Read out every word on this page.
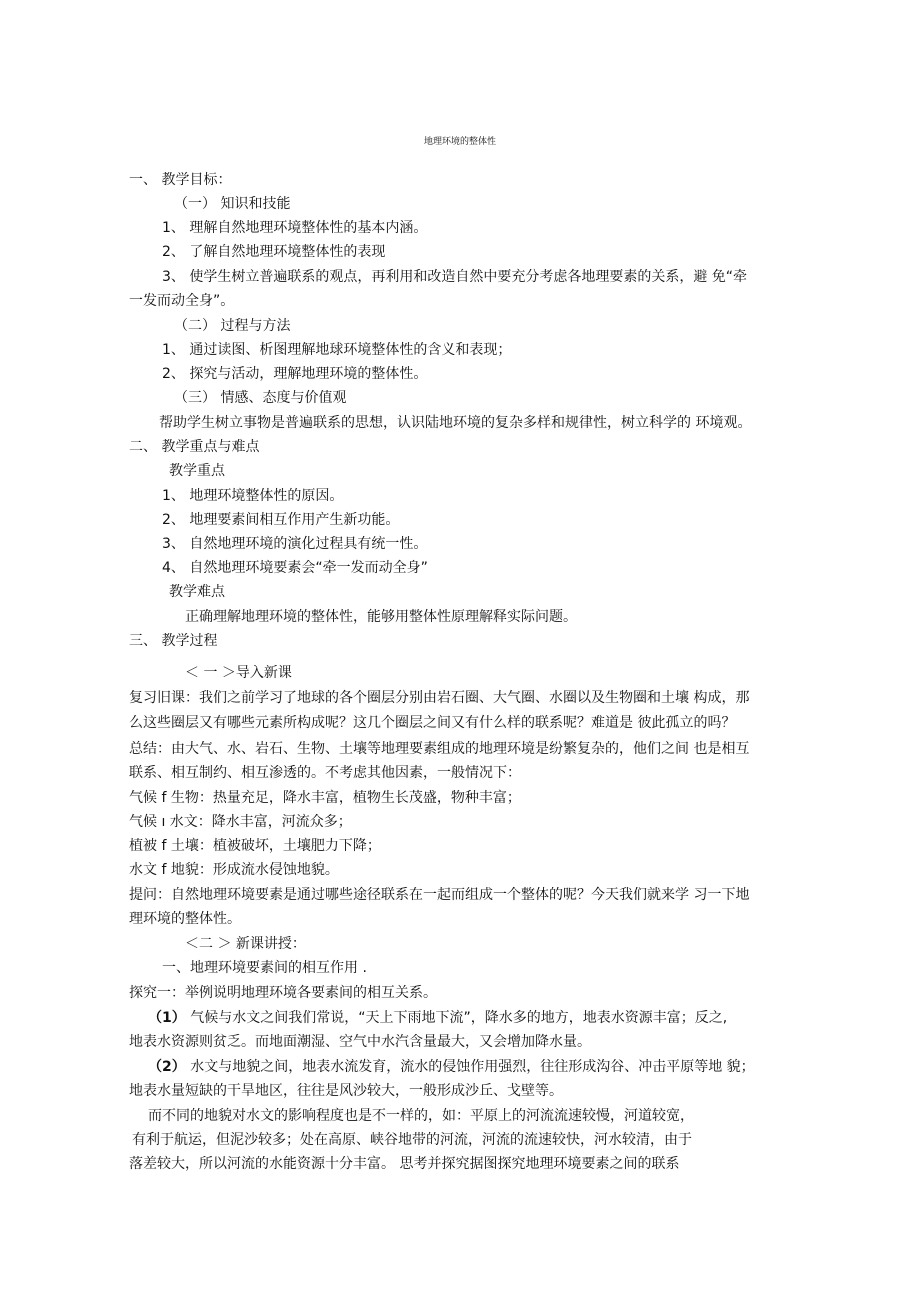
地理环境的整体性

一、 教学目标：

（一） 知识和技能

1、 理解自然地理环境整体性的基本内涵。

2、 了解自然地理环境整体性的表现

3、 使学生树立普遍联系的观点，再利用和改造自然中要充分考虑各地理要素的关系，避 免“牵

一发而动全身”。

（二） 过程与方法

1、 通过读图、析图理解地球环境整体性的含义和表现；

2、 探究与活动，理解地理环境的整体性。

（三） 情感、态度与价值观

帮助学生树立事物是普遍联系的思想，认识陆地环境的复杂多样和规律性，树立科学的 环境观。

二、 教学重点与难点

教学重点

1、 地理环境整体性的原因。

2、 地理要素间相互作用产生新功能。

3、 自然地理环境的演化过程具有统一性。

4、 自然地理环境要素会“牵一发而动全身”

教学难点

正确理解地理环境的整体性，能够用整体性原理解释实际问题。

三、 教学过程

＜ 一 ＞导入新课

复习旧课：我们之前学习了地球的各个圈层分别由岩石圈、大气圈、水圈以及生物圈和土壤 构成，那

么这些圈层又有哪些元素所构成呢？这几个圈层之间又有什么样的联系呢？难道是 彼此孤立的吗？

总结：由大气、水、岩石、生物、土壤等地理要素组成的地理环境是纷繁复杂的，他们之间 也是相互

联系、相互制约、相互渗透的。不考虑其他因素，一般情况下：

气候 f 生物：热量充足，降水丰富，植物生长茂盛，物种丰富；

气候 ı 水文：降水丰富，河流众多；

植被 f 土壤：植被破坏，土壤肥力下降；

水文 f 地貌：形成流水侵蚀地貌。

提问：自然地理环境要素是通过哪些途径联系在一起而组成一个整体的呢？今天我们就来学 习一下地

理环境的整体性。

＜二 ＞ 新课讲授：

一、地理环境要素间的相互作用 .

探究一：举例说明地理环境各要素间的相互关系。

（1） 气候与水文之间我们常说，“天上下雨地下流”，降水多的地方，地表水资源丰富；反之,

地表水资源则贫乏。而地面潮湿、空气中水汽含量最大，又会增加降水量。

（2） 水文与地貌之间，地表水流发育，流水的侵蚀作用强烈，往往形成沟谷、冲击平原等地 貌；

地表水量短缺的干旱地区，往往是风沙较大，一般形成沙丘、戈壁等。

而不同的地貌对水文的影响程度也是不一样的，如：平原上的河流流速较慢，河道较宽，

有利于航运，但泥沙较多；处在高原、峡谷地带的河流，河流的流速较快，河水较清，由于

落差较大，所以河流的水能资源十分丰富。 思考并探究据图探究地理环境要素之间的联系
